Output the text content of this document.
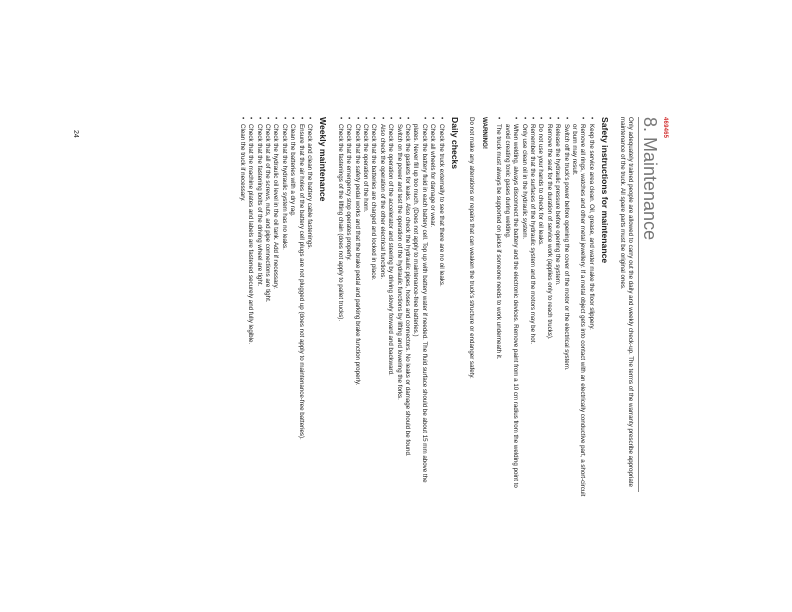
469465
8. Maintenance

Only adequately trained people are allowed to carry out the daily and weekly check-up. The terms of the warranty prescribe appropriate maintenance of the truck. All spare parts must be original ones.

Safety instructions for maintenance
• Keep the service area clean. Oil, grease, and water make the floor slippery.
• Remove all rings, watches and other metal jewellery. If a metal object gets into contact with an electrically conductive part, a short-circuit or burn may result.
• Switch off the truck's power before opening the cover of the motor or the electrical system.
• Release the hydraulic pressure before opening the system.
• Remove the seat for the duration of service work (applies only to reach trucks).
• Do not use your hands to check for oil leaks.
• Remember that the surfaces of the hydraulic system and the motors may be hot.
• Only use clean oil in the hydraulic system.
• When welding, always disconnect the battery and the electronic devices. Remove paint from a 10 cm radius from the welding point to avoid creating toxic gases during welding.
• The truck must always be supported on jacks if someone needs to work underneath it.
WARNING!

Do not make any alterations or repairs that can weaken the truck's structure or endanger safety.

Daily checks
• Check the truck externally to see that there are no oil leaks.
• Check all wheels for damage or wear.
• Check the battery fluid in each battery cell. Top up with battery water if needed. The fluid surface should be about 15 mm above the plates. Never fill up too much. (Does not apply to maintenance-free batteries.)
• Check the gaskets for leaks. Also check the hydraulic pipes, hoses and connectors. No leaks or damage should be found.
• Switch on the power and test the operation of the hydraulic functions by lifting and lowering the forks.
• Check the operation of the accelerator and steering by driving slowly forward and backward.
• Also check the operation of the other electrical functions.
• Check that the batteries are charged and locked in place.
• Check the operation of the horn.
• Check that the safety pedal works and that the brake pedal and parking brake function properly.
• Check that the emergency stop operates properly.
• Check the fastenings of the lifting chain (does not apply to pallet trucks).
Weekly maintenance
• Check and clean the battery cable fastenings.
• Ensure that the air holes of the battery cell plugs are not plugged up (does not apply to maintenance-free batteries).
• Clean the batteries with a dry rag.
• Check that the hydraulic system has no leaks.
• Check the hydraulic oil level in the oil tank. Add if necessary.
• Check that all of the screws, nuts, and pipe connections are tight.
• Check that the fastening bolts of the driving wheel are tight.
• Check that the machine plates and labels are fastened securely and fully legible.
• Clean the truck if necessary.
24
